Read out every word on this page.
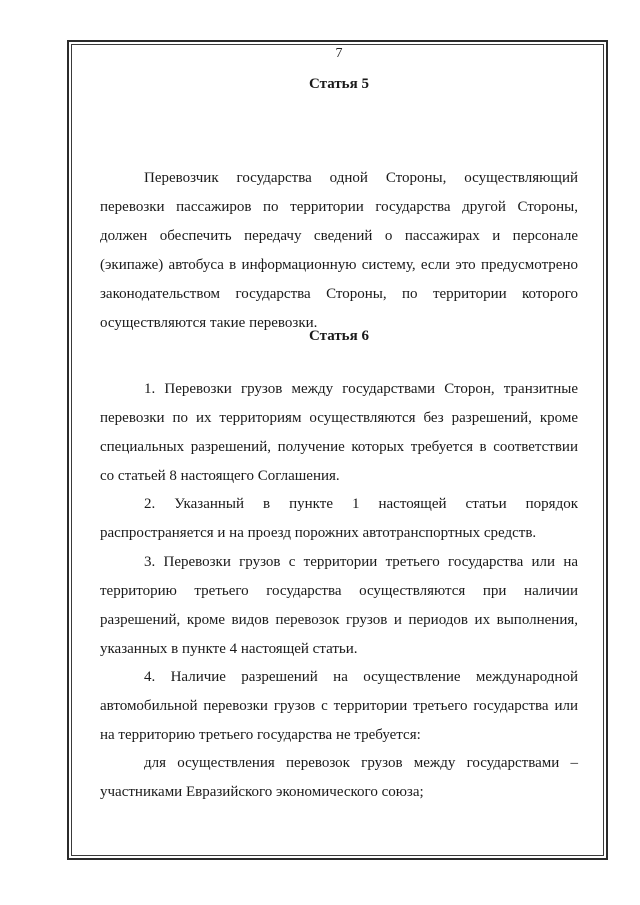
7
Статья 5

Перевозчик государства одной Стороны, осуществляющий перевозки пассажиров по территории государства другой Стороны, должен обеспечить передачу сведений о пассажирах и персонале (экипаже) автобуса в информационную систему, если это предусмотрено законодательством государства Стороны, по территории которого осуществляются такие перевозки.

Статья 6

1. Перевозки грузов между государствами Сторон, транзитные перевозки по их территориям осуществляются без разрешений, кроме специальных разрешений, получение которых требуется в соответствии со статьей 8 настоящего Соглашения.

2. Указанный в пункте 1 настоящей статьи порядок распространяется и на проезд порожних автотранспортных средств.

3. Перевозки грузов с территории третьего государства или на территорию третьего государства осуществляются при наличии разрешений, кроме видов перевозок грузов и периодов их выполнения, указанных в пункте 4 настоящей статьи.

4. Наличие разрешений на осуществление международной автомобильной перевозки грузов с территории третьего государства или на территорию третьего государства не требуется:

для осуществления перевозок грузов между государствами – участниками Евразийского экономического союза;
